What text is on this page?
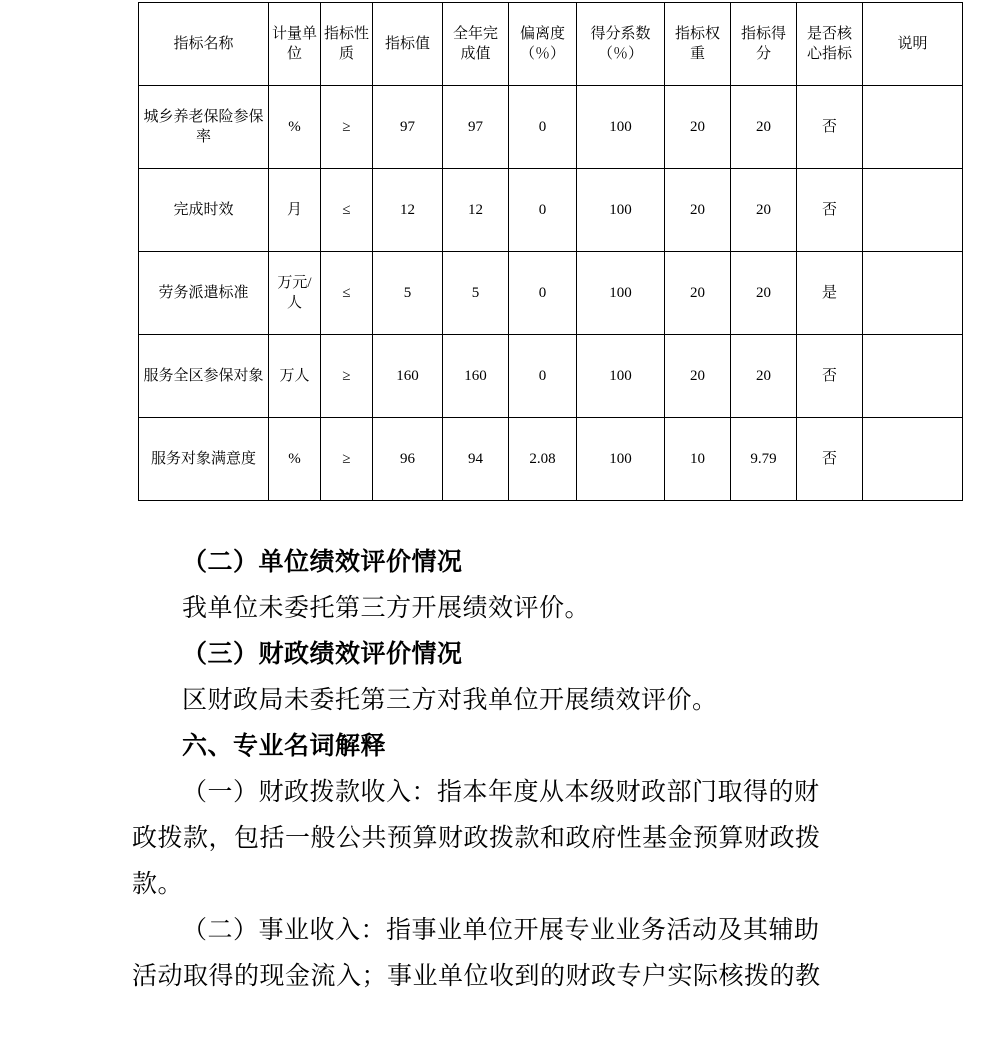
指标名称	计量单位	指标性质	指标值	全年完成值	偏离度（％）	得分系数（％）	指标权重	指标得分	是否核心指标	说明
城乡养老保险参保率	%	≥	97	97	0	100	20	20	否	
完成时效	月	≤	12	12	0	100	20	20	否	
劳务派遣标准	万元/人	≤	5	5	0	100	20	20	是	
服务全区参保对象	万人	≥	160	160	0	100	20	20	否	
服务对象满意度	%	≥	96	94	2.08	100	10	9.79	否	

（二）单位绩效评价情况

我单位未委托第三方开展绩效评价。

（三）财政绩效评价情况

区财政局未委托第三方对我单位开展绩效评价。

六、专业名词解释

（一）财政拨款收入：指本年度从本级财政部门取得的财

政拨款，包括一般公共预算财政拨款和政府性基金预算财政拨

款。

（二）事业收入：指事业单位开展专业业务活动及其辅助

活动取得的现金流入；事业单位收到的财政专户实际核拨的教
